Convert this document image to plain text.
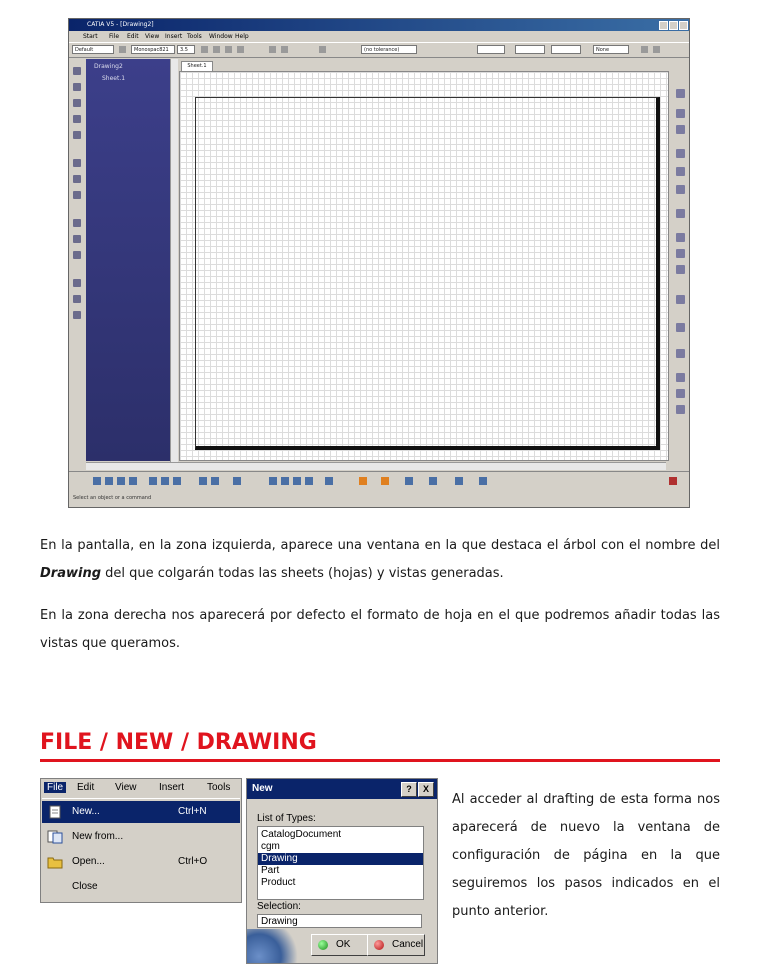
CATIA V5 - [Drawing2]
Start File Edit View Insert Tools Window Help
Default	Monospac821	3.5	(no tolerance)	None
Drawing2
Sheet.1
Sheet.1
Select an object or a command

En la pantalla, en la zona izquierda, aparece una ventana en la que destaca el árbol con el nombre del Drawing del que colgarán todas las sheets (hojas) y vistas generadas.

En la zona derecha nos aparecerá por defecto el formato de hoja en el que podremos añadir todas las vistas que queramos.

FILE / NEW / DRAWING
File	Edit View Insert Tools
New...	Ctrl+N
New from...
Open...	Ctrl+O
Close
New	?	X
List of Types:
CatalogDocument
cgm
Drawing
Part
Product
Selection:
Drawing
OK	Cancel

Al acceder al drafting de esta forma nos aparecerá de nuevo la ventana de configuración de página en la que seguiremos los pasos indicados en el punto anterior.
